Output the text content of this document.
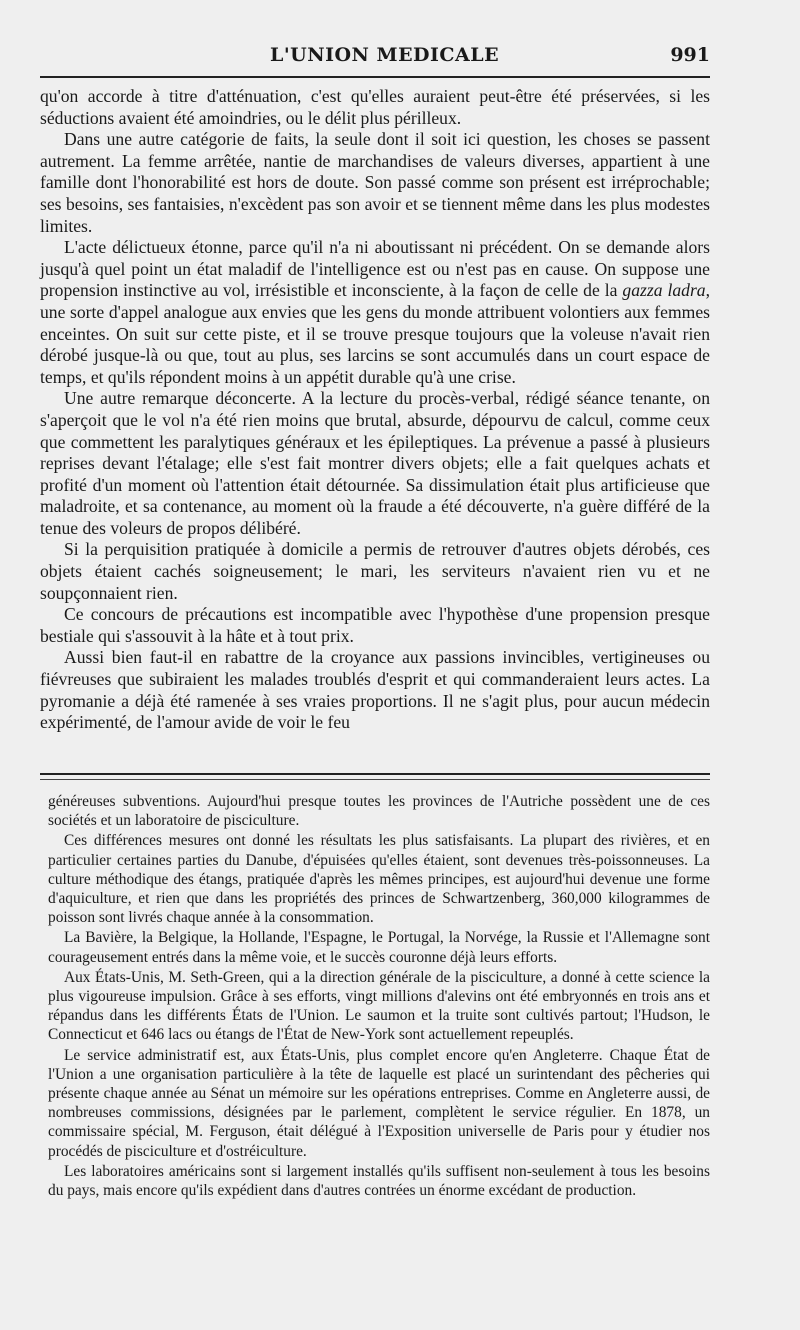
L'UNION MEDICALE	991

qu'on accorde à titre d'atténuation, c'est qu'elles auraient peut-être été préservées, si les séductions avaient été amoindries, ou le délit plus périlleux.

Dans une autre catégorie de faits, la seule dont il soit ici question, les choses se passent autrement. La femme arrêtée, nantie de marchandises de valeurs diverses, appartient à une famille dont l'honorabilité est hors de doute. Son passé comme son présent est irréprochable; ses besoins, ses fantaisies, n'excèdent pas son avoir et se tiennent même dans les plus modestes limites.

L'acte délictueux étonne, parce qu'il n'a ni aboutissant ni précédent. On se demande alors jusqu'à quel point un état maladif de l'intelligence est ou n'est pas en cause. On suppose une propension instinctive au vol, irrésistible et inconsciente, à la façon de celle de la gazza ladra, une sorte d'appel analogue aux envies que les gens du monde attribuent volontiers aux femmes enceintes. On suit sur cette piste, et il se trouve presque toujours que la voleuse n'avait rien dérobé jusque-là ou que, tout au plus, ses larcins se sont accumulés dans un court espace de temps, et qu'ils répondent moins à un appétit durable qu'à une crise.

Une autre remarque déconcerte. A la lecture du procès-verbal, rédigé séance tenante, on s'aperçoit que le vol n'a été rien moins que brutal, absurde, dépourvu de calcul, comme ceux que commettent les paralytiques généraux et les épileptiques. La prévenue a passé à plusieurs reprises devant l'étalage; elle s'est fait montrer divers objets; elle a fait quelques achats et profité d'un moment où l'attention était détournée. Sa dissimulation était plus artificieuse que maladroite, et sa contenance, au moment où la fraude a été découverte, n'a guère différé de la tenue des voleurs de propos délibéré.

Si la perquisition pratiquée à domicile a permis de retrouver d'autres objets dérobés, ces objets étaient cachés soigneusement; le mari, les serviteurs n'avaient rien vu et ne soupçonnaient rien.

Ce concours de précautions est incompatible avec l'hypothèse d'une propension presque bestiale qui s'assouvit à la hâte et à tout prix.

Aussi bien faut-il en rabattre de la croyance aux passions invincibles, vertigineuses ou fiévreuses que subiraient les malades troublés d'esprit et qui commanderaient leurs actes. La pyromanie a déjà été ramenée à ses vraies proportions. Il ne s'agit plus, pour aucun médecin expérimenté, de l'amour avide de voir le feu

généreuses subventions. Aujourd'hui presque toutes les provinces de l'Autriche possèdent une de ces sociétés et un laboratoire de pisciculture.

Ces différences mesures ont donné les résultats les plus satisfaisants. La plupart des rivières, et en particulier certaines parties du Danube, d'épuisées qu'elles étaient, sont devenues très-poissonneuses. La culture méthodique des étangs, pratiquée d'après les mêmes principes, est aujourd'hui devenue une forme d'aquiculture, et rien que dans les propriétés des princes de Schwartzenberg, 360,000 kilogrammes de poisson sont livrés chaque année à la consommation.

La Bavière, la Belgique, la Hollande, l'Espagne, le Portugal, la Norvége, la Russie et l'Allemagne sont courageusement entrés dans la même voie, et le succès couronne déjà leurs efforts.

Aux États-Unis, M. Seth-Green, qui a la direction générale de la pisciculture, a donné à cette science la plus vigoureuse impulsion. Grâce à ses efforts, vingt millions d'alevins ont été embryonnés en trois ans et répandus dans les différents États de l'Union. Le saumon et la truite sont cultivés partout; l'Hudson, le Connecticut et 646 lacs ou étangs de l'État de New-York sont actuellement repeuplés.

Le service administratif est, aux États-Unis, plus complet encore qu'en Angleterre. Chaque État de l'Union a une organisation particulière à la tête de laquelle est placé un surintendant des pêcheries qui présente chaque année au Sénat un mémoire sur les opérations entreprises. Comme en Angleterre aussi, de nombreuses commissions, désignées par le parlement, complètent le service régulier. En 1878, un commissaire spécial, M. Ferguson, était délégué à l'Exposition universelle de Paris pour y étudier nos procédés de pisciculture et d'ostréiculture.

Les laboratoires américains sont si largement installés qu'ils suffisent non-seulement à tous les besoins du pays, mais encore qu'ils expédient dans d'autres contrées un énorme excédant de production.
